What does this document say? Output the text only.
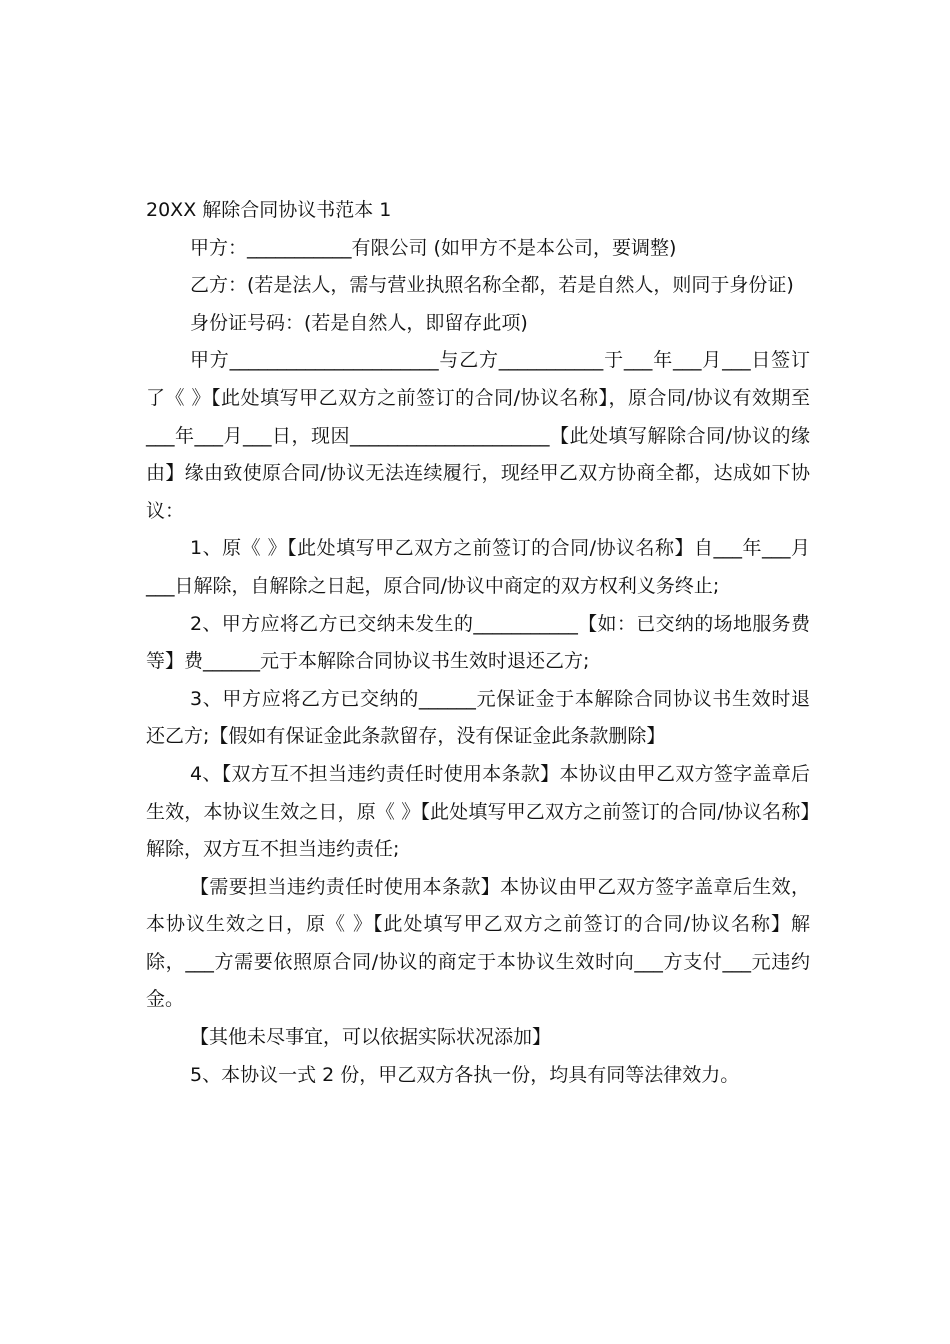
20XX 解除合同协议书范本 1

甲方：___________有限公司 (如甲方不是本公司，要调整)

乙方：(若是法人，需与营业执照名称全都，若是自然人，则同于身份证)

身份证号码：(若是自然人，即留存此项)

甲方______________________与乙方___________于___年___月___日签订了《 》【此处填写甲乙双方之前签订的合同/协议名称】，原合同/协议有效期至___年___月___日，现因_____________________【此处填写解除合同/协议的缘由】缘由致使原合同/协议无法连续履行，现经甲乙双方协商全都，达成如下协议：

1、原《 》【此处填写甲乙双方之前签订的合同/协议名称】自___年___月___日解除，自解除之日起，原合同/协议中商定的双方权利义务终止;

2、甲方应将乙方已交纳未发生的___________【如：已交纳的场地服务费等】费______元于本解除合同协议书生效时退还乙方;

3、甲方应将乙方已交纳的______元保证金于本解除合同协议书生效时退还乙方;【假如有保证金此条款留存，没有保证金此条款删除】

4、【双方互不担当违约责任时使用本条款】本协议由甲乙双方签字盖章后生效，本协议生效之日，原《 》【此处填写甲乙双方之前签订的合同/协议名称】解除，双方互不担当违约责任;

【需要担当违约责任时使用本条款】本协议由甲乙双方签字盖章后生效，本协议生效之日，原《 》【此处填写甲乙双方之前签订的合同/协议名称】解除，___方需要依照原合同/协议的商定于本协议生效时向___方支付___元违约金。

【其他未尽事宜，可以依据实际状况添加】

5、本协议一式 2 份，甲乙双方各执一份，均具有同等法律效力。
